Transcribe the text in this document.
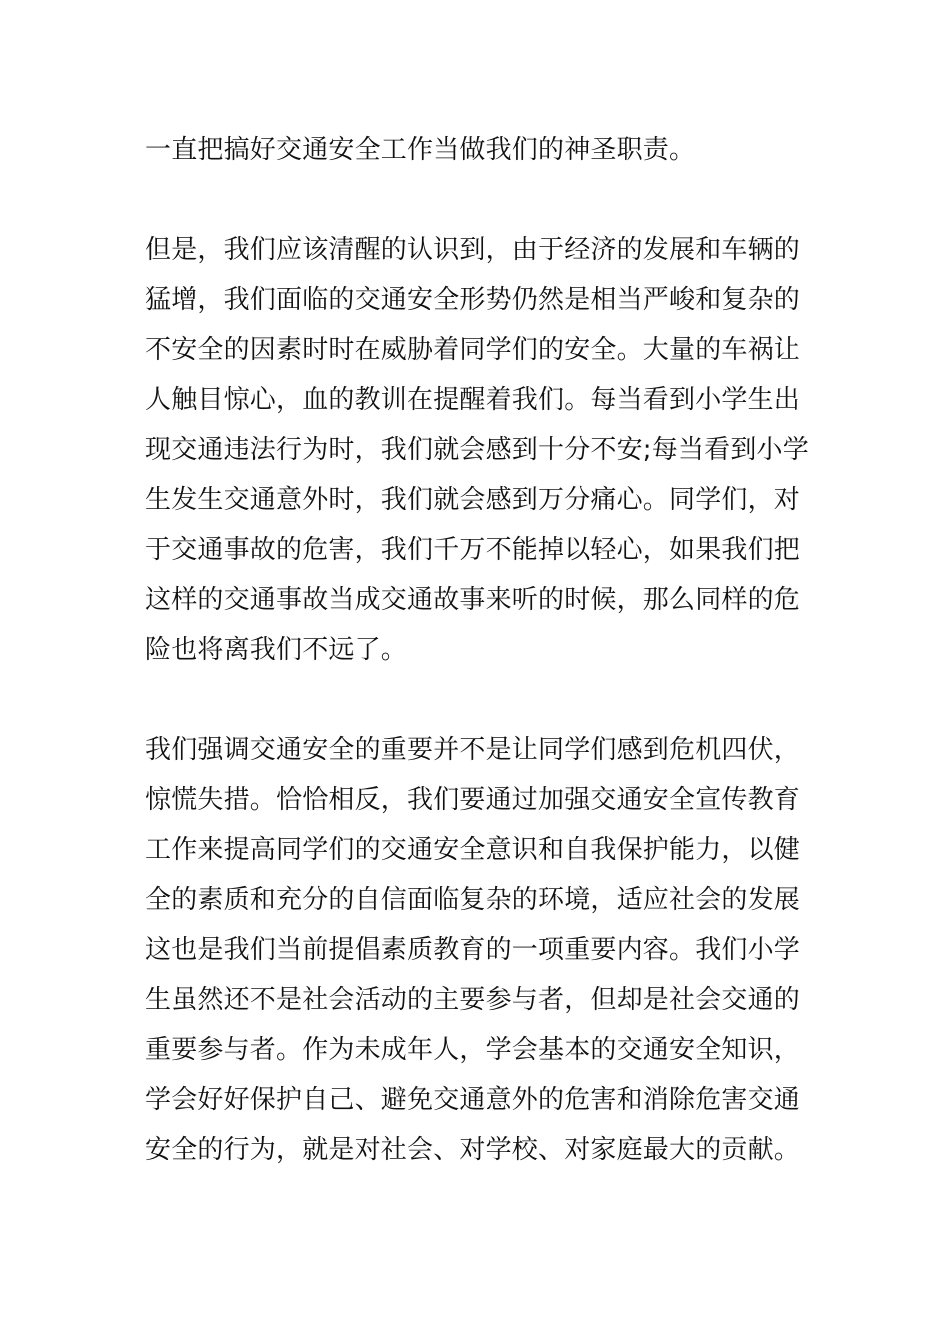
一直把搞好交通安全工作当做我们的神圣职责。
但是，我们应该清醒的认识到，由于经济的发展和车辆的
猛增，我们面临的交通安全形势仍然是相当严峻和复杂的
不安全的因素时时在威胁着同学们的安全。大量的车祸让
人触目惊心，血的教训在提醒着我们。每当看到小学生出
现交通违法行为时，我们就会感到十分不安;每当看到小学
生发生交通意外时，我们就会感到万分痛心。同学们，对
于交通事故的危害，我们千万不能掉以轻心，如果我们把
这样的交通事故当成交通故事来听的时候，那么同样的危
险也将离我们不远了。
我们强调交通安全的重要并不是让同学们感到危机四伏，
惊慌失措。恰恰相反，我们要通过加强交通安全宣传教育
工作来提高同学们的交通安全意识和自我保护能力，以健
全的素质和充分的自信面临复杂的环境，适应社会的发展
这也是我们当前提倡素质教育的一项重要内容。我们小学
生虽然还不是社会活动的主要参与者，但却是社会交通的
重要参与者。作为未成年人，学会基本的交通安全知识，
学会好好保护自己、避免交通意外的危害和消除危害交通
安全的行为，就是对社会、对学校、对家庭最大的贡献。
